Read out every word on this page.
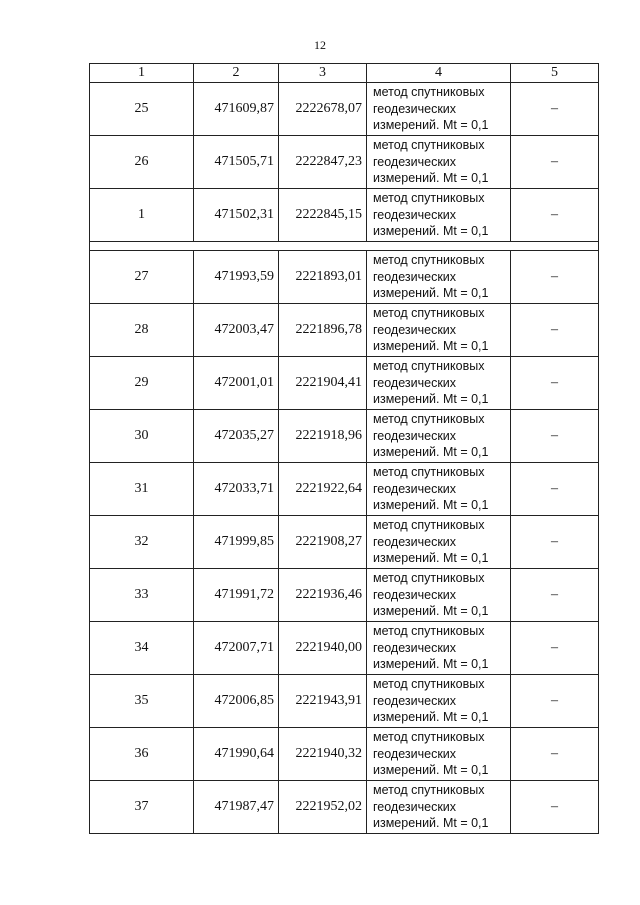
12
1	2	3	4	5
25	471609,87	2222678,07	метод спутниковых
геодезических
измерений. Mt = 0,1	–
26	471505,71	2222847,23	метод спутниковых
геодезических
измерений. Mt = 0,1	–
1	471502,31	2222845,15	метод спутниковых
геодезических
измерений. Mt = 0,1	–

27	471993,59	2221893,01	метод спутниковых
геодезических
измерений. Mt = 0,1	–
28	472003,47	2221896,78	метод спутниковых
геодезических
измерений. Mt = 0,1	–
29	472001,01	2221904,41	метод спутниковых
геодезических
измерений. Mt = 0,1	–
30	472035,27	2221918,96	метод спутниковых
геодезических
измерений. Mt = 0,1	–
31	472033,71	2221922,64	метод спутниковых
геодезических
измерений. Mt = 0,1	–
32	471999,85	2221908,27	метод спутниковых
геодезических
измерений. Mt = 0,1	–
33	471991,72	2221936,46	метод спутниковых
геодезических
измерений. Mt = 0,1	–
34	472007,71	2221940,00	метод спутниковых
геодезических
измерений. Mt = 0,1	–
35	472006,85	2221943,91	метод спутниковых
геодезических
измерений. Mt = 0,1	–
36	471990,64	2221940,32	метод спутниковых
геодезических
измерений. Mt = 0,1	–
37	471987,47	2221952,02	метод спутниковых
геодезических
измерений. Mt = 0,1	–
